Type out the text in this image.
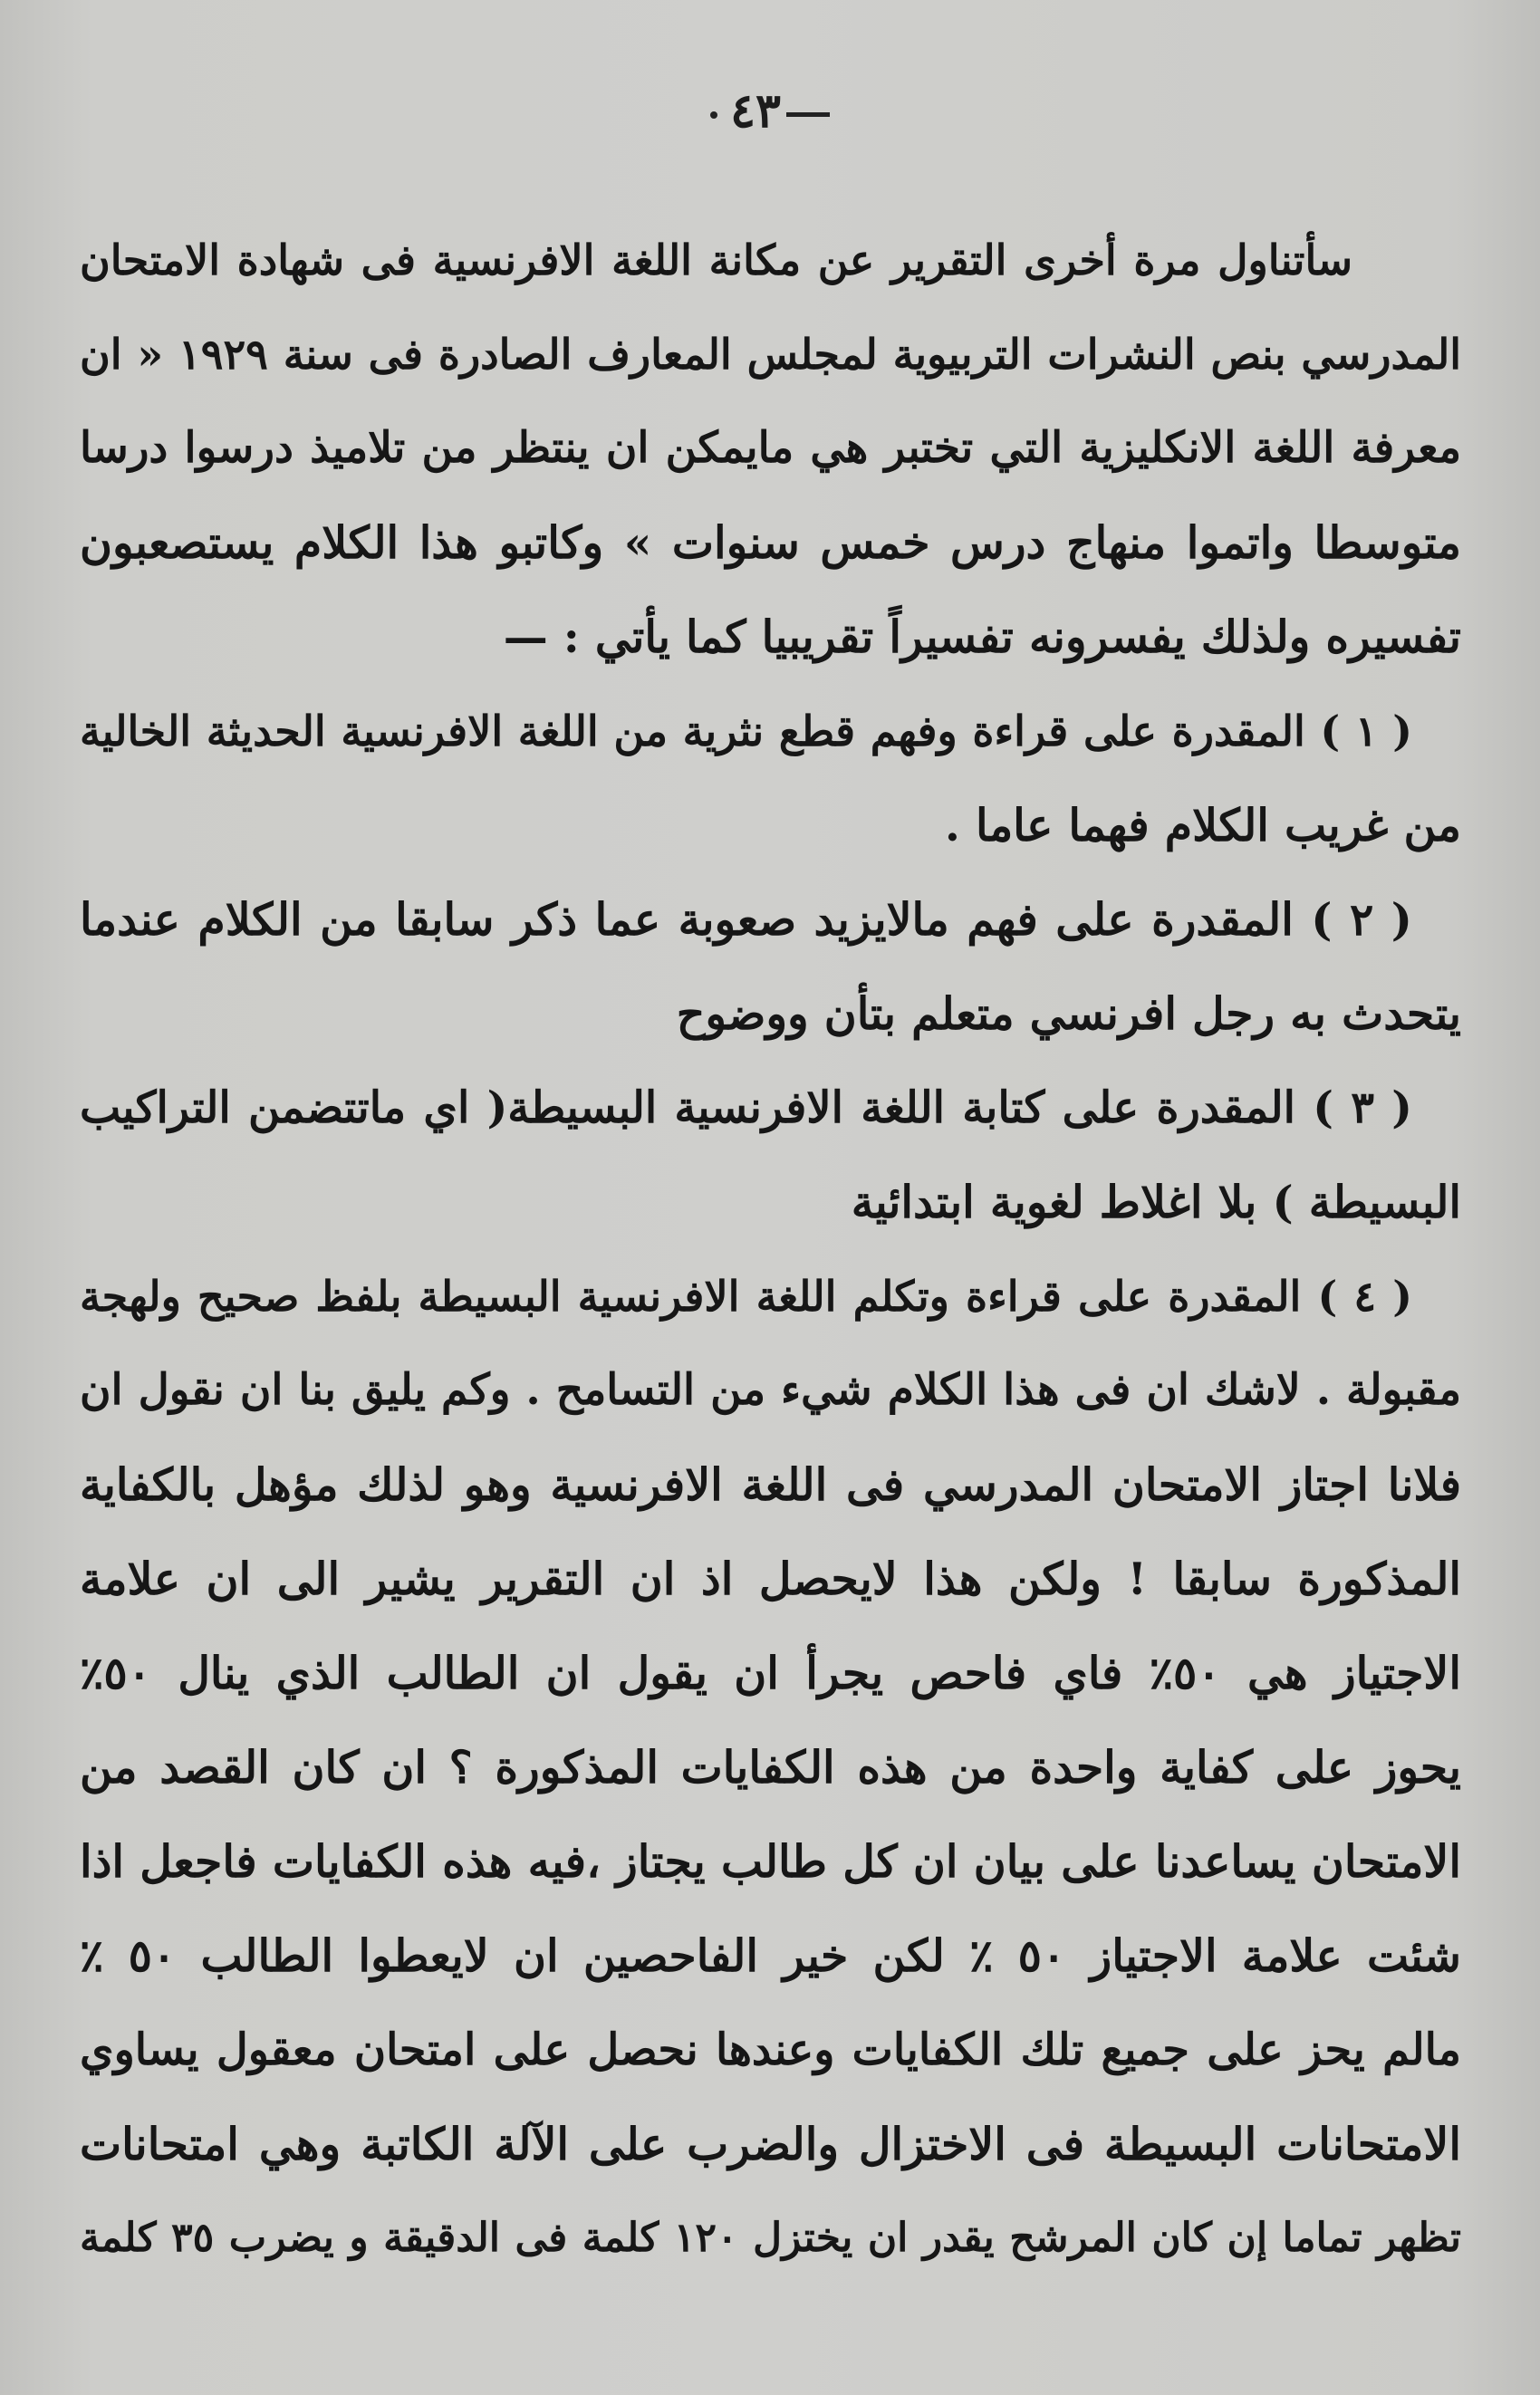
٤٣
سأتناول مرة أخرى التقرير عن مكانة اللغة الافرنسية فى شهادة الامتحان
المدرسي بنص النشرات التربيوية لمجلس المعارف الصادرة فى سنة ١٩٢٩ « ان
معرفة اللغة الانكليزية التي تختبر هي مايمكن ان ينتظر من تلاميذ درسوا درسا
متوسطا واتموا منهاج درس خمس سنوات » وكاتبو هذا الكلام يستصعبون
تفسيره ولذلك يفسرونه تفسيراً تقريبيا كما يأتي : —
( ١ ) المقدرة على قراءة وفهم قطع نثرية من اللغة الافرنسية الحديثة الخالية
من غريب الكلام فهما عاما .
( ٢ ) المقدرة على فهم مالايزيد صعوبة عما ذكر سابقا من الكلام عندما
يتحدث به رجل افرنسي متعلم بتأن ووضوح
( ٣ ) المقدرة على كتابة اللغة الافرنسية البسيطة( اي ماتتضمن التراكيب
البسيطة ) بلا اغلاط لغوية ابتدائية
( ٤ ) المقدرة على قراءة وتكلم اللغة الافرنسية البسيطة بلفظ صحيح ولهجة
مقبولة . لاشك ان فى هذا الكلام شيء من التسامح . وكم يليق بنا ان نقول ان
فلانا اجتاز الامتحان المدرسي فى اللغة الافرنسية وهو لذلك مؤهل بالكفاية
المذكورة سابقا ! ولكن هذا لايحصل اذ ان التقرير يشير الى ان علامة
الاجتياز هي ٥٠٪ فاي فاحص يجرأ ان يقول ان الطالب الذي ينال ٥٠٪
يحوز على كفاية واحدة من هذه الكفايات المذكورة ؟ ان كان القصد من
الامتحان يساعدنا على بيان ان كل طالب يجتاز ،فيه هذه الكفايات فاجعل اذا
شئت علامة الاجتياز ٥٠ ٪ لكن خير الفاحصين ان لايعطوا الطالب ٥٠ ٪
مالم يحز على جميع تلك الكفايات وعندها نحصل على امتحان معقول يساوي
الامتحانات البسيطة فى الاختزال والضرب على الآلة الكاتبة وهي امتحانات
تظهر تماما إن كان المرشح يقدر ان يختزل ١٢٠ كلمة فى الدقيقة و يضرب ٣٥ كلمة
